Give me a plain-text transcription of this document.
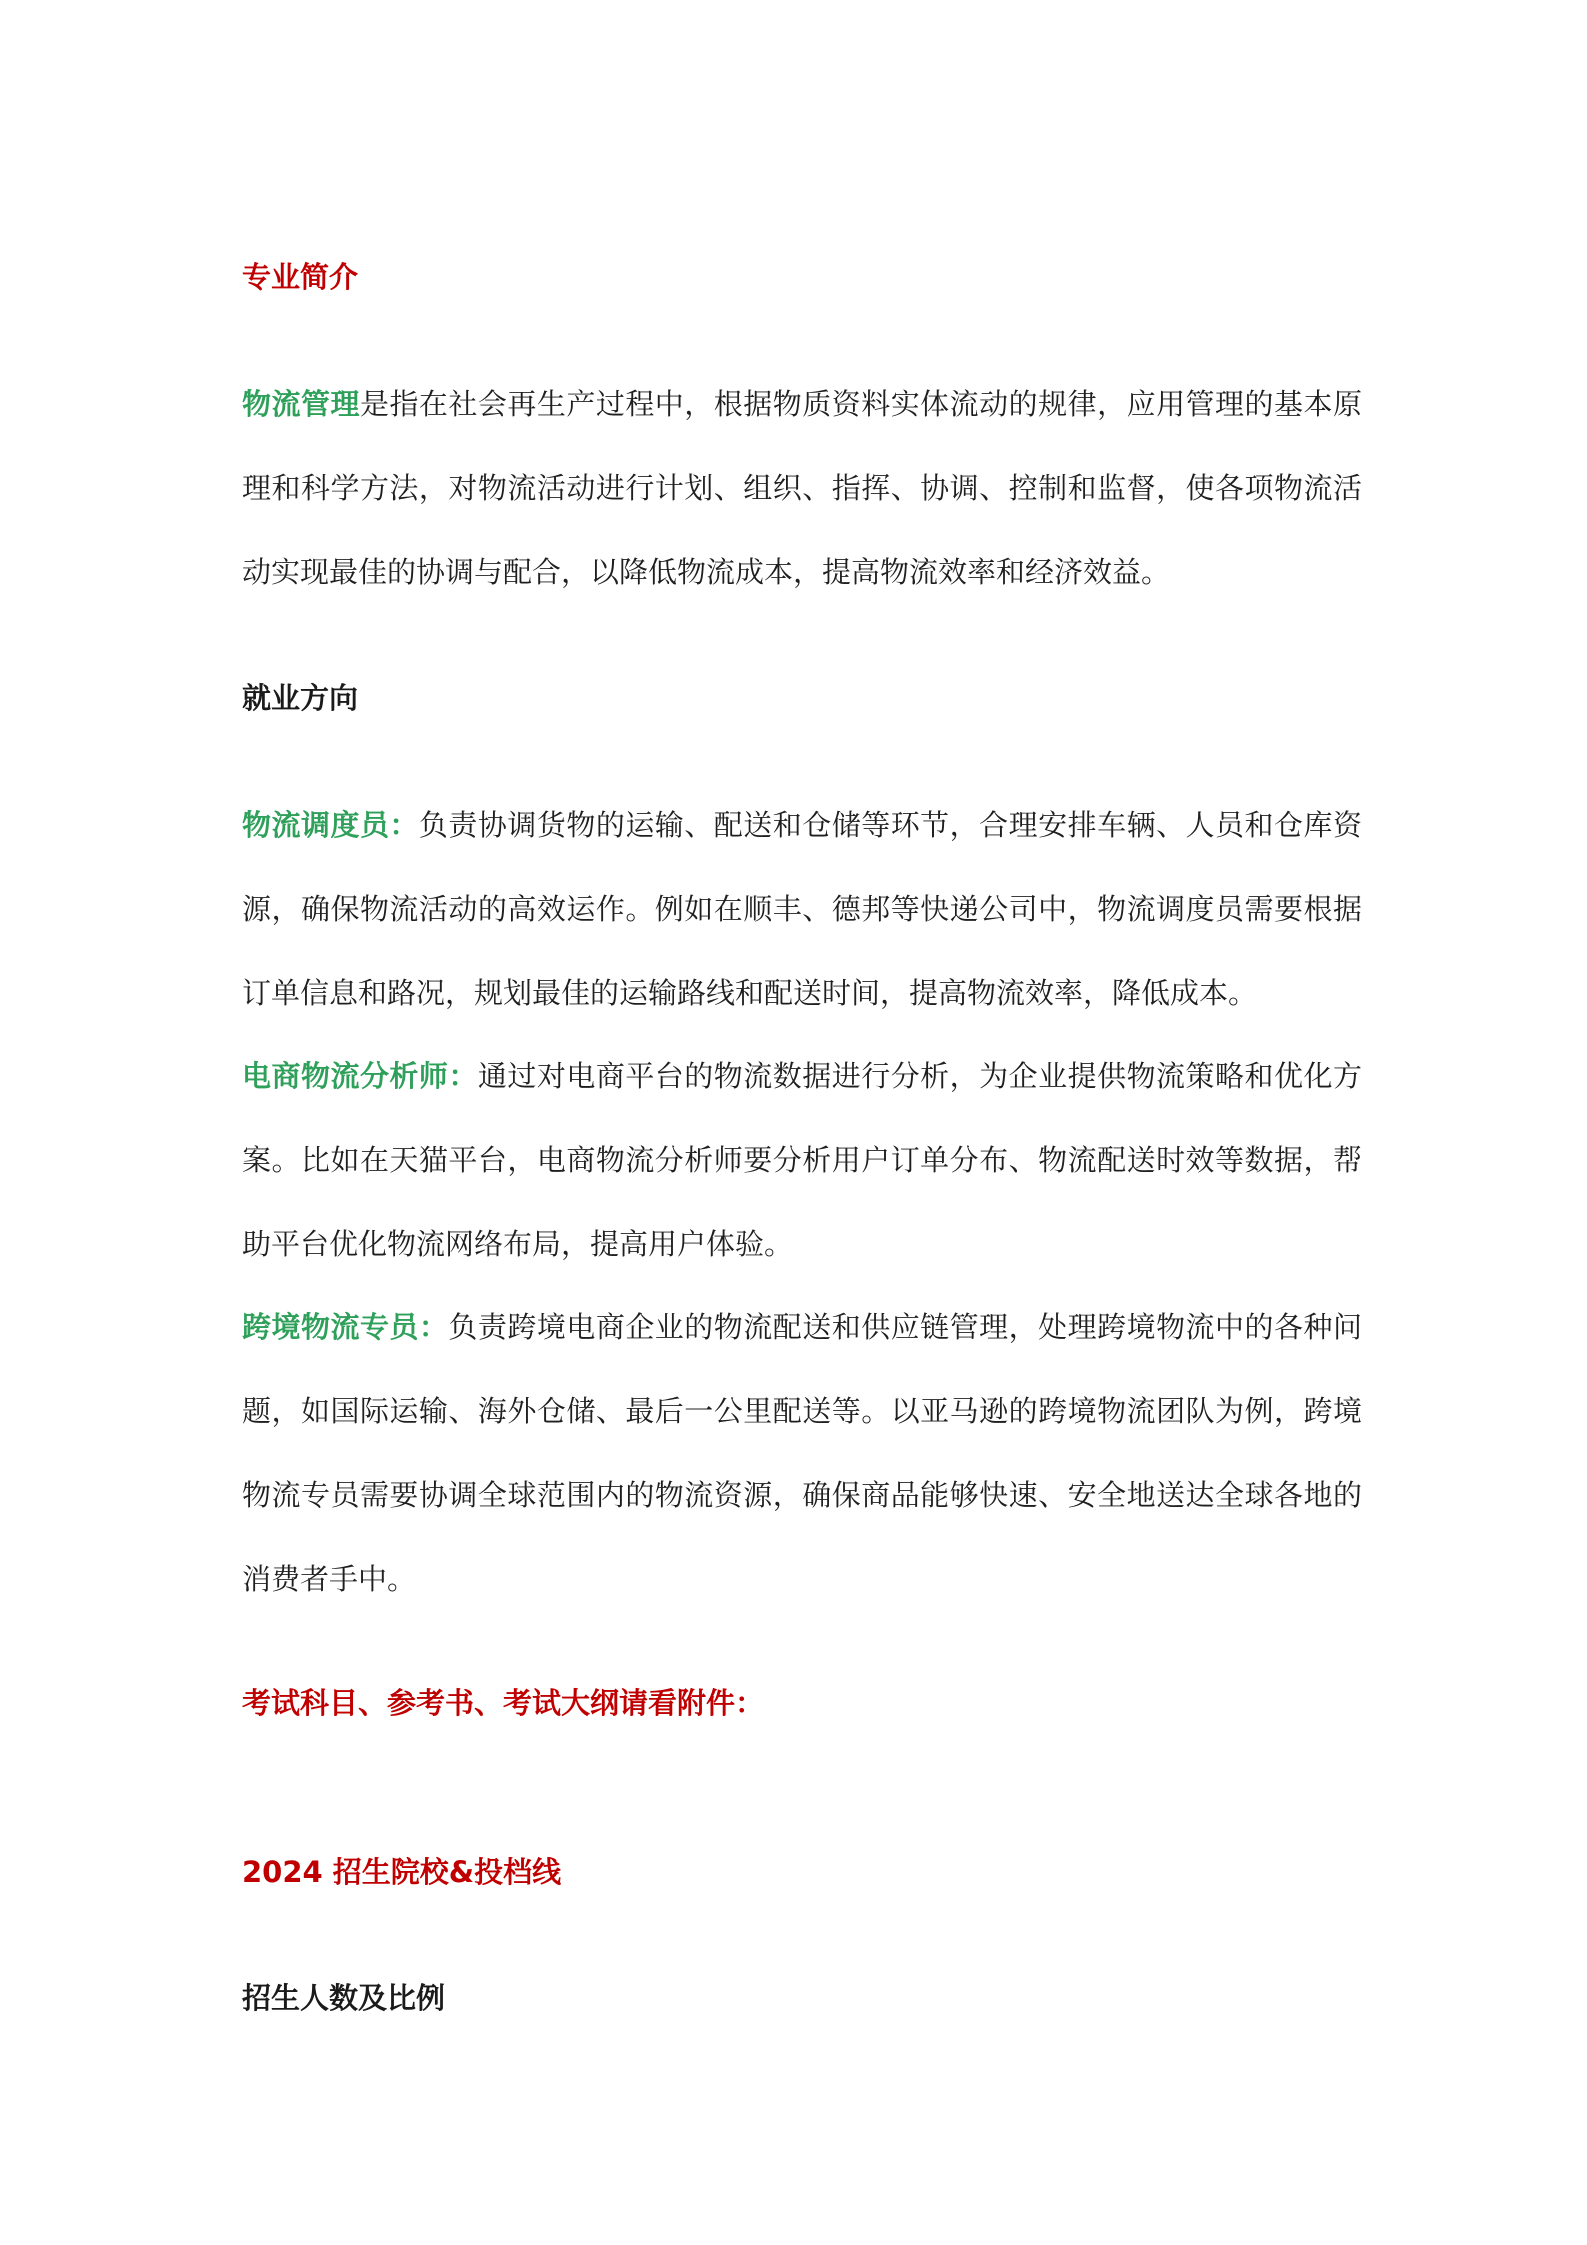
专业简介

物流管理是指在社会再生产过程中，根据物质资料实体流动的规律，应用管理的基本原理和科学方法，对物流活动进行计划、组织、指挥、协调、控制和监督，使各项物流活动实现最佳的协调与配合，以降低物流成本，提高物流效率和经济效益。

就业方向

物流调度员：负责协调货物的运输、配送和仓储等环节，合理安排车辆、人员和仓库资源，确保物流活动的高效运作。例如在顺丰、德邦等快递公司中，物流调度员需要根据订单信息和路况，规划最佳的运输路线和配送时间，提高物流效率，降低成本。

电商物流分析师：通过对电商平台的物流数据进行分析，为企业提供物流策略和优化方案。比如在天猫平台，电商物流分析师要分析用户订单分布、物流配送时效等数据，帮助平台优化物流网络布局，提高用户体验。

跨境物流专员：负责跨境电商企业的物流配送和供应链管理，处理跨境物流中的各种问题，如国际运输、海外仓储、最后一公里配送等。以亚马逊的跨境物流团队为例，跨境物流专员需要协调全球范围内的物流资源，确保商品能够快速、安全地送达全球各地的消费者手中。

考试科目、参考书、考试大纲请看附件：
2024 招生院校&投档线
招生人数及比例
